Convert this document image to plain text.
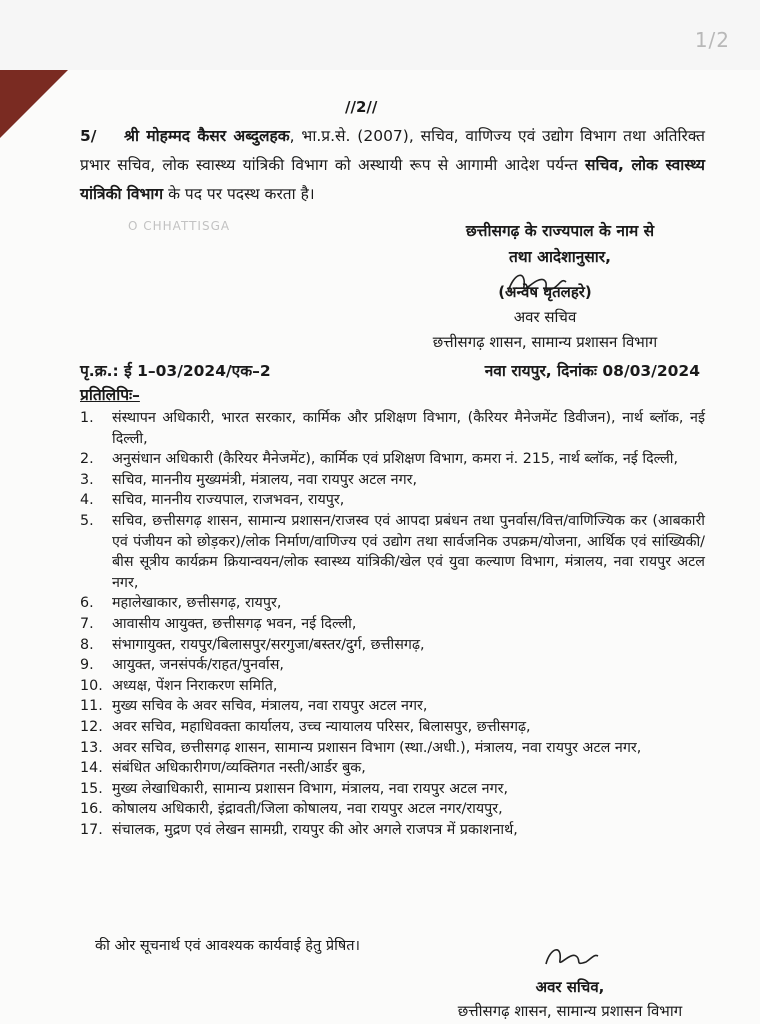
1/2
//2//
5/ श्री मोहम्मद कैसर अब्दुलहक, भा.प्र.से. (2007), सचिव, वाणिज्य एवं उद्योग विभाग तथा अतिरिक्त प्रभार सचिव, लोक स्वास्थ्य यांत्रिकी विभाग को अस्थायी रूप से आगामी आदेश पर्यन्त सचिव, लोक स्वास्थ्य यांत्रिकी विभाग के पद पर पदस्थ करता है।
O CHHATTISGA	छत्तीसगढ़ के राज्यपाल के नाम से
तथा आदेशानुसार,
(अन्वेष घृतलहरे)
अवर सचिव
छत्तीसगढ़ शासन, सामान्य प्रशासन विभाग
पृ.क्र.: ई 1–03/2024/एक–2	नवा रायपुर, दिनांकः 08/03/2024
प्रतिलिपिः–
1. संस्थापन अधिकारी, भारत सरकार, कार्मिक और प्रशिक्षण विभाग, (कैरियर मैनेजमेंट डिवीजन), नार्थ ब्लॉक, नई दिल्ली,
2. अनुसंधान अधिकारी (कैरियर मैनेजमेंट), कार्मिक एवं प्रशिक्षण विभाग, कमरा नं. 215, नार्थ ब्लॉक, नई दिल्ली,
3. सचिव, माननीय मुख्यमंत्री, मंत्रालय, नवा रायपुर अटल नगर,
4. सचिव, माननीय राज्यपाल, राजभवन, रायपुर,
5. सचिव, छत्तीसगढ़ शासन, सामान्य प्रशासन/राजस्व एवं आपदा प्रबंधन तथा पुनर्वास/वित्त/वाणिज्यिक कर (आबकारी एवं पंजीयन को छोड़कर)/लोक निर्माण/वाणिज्य एवं उद्योग तथा सार्वजनिक उपक्रम/योजना, आर्थिक एवं सांख्यिकी/बीस सूत्रीय कार्यक्रम क्रियान्वयन/लोक स्वास्थ्य यांत्रिकी/खेल एवं युवा कल्याण विभाग, मंत्रालय, नवा रायपुर अटल नगर,
6. महालेखाकार, छत्तीसगढ़, रायपुर,
7. आवासीय आयुक्त, छत्तीसगढ़ भवन, नई दिल्ली,
8. संभागायुक्त, रायपुर/बिलासपुर/सरगुजा/बस्तर/दुर्ग, छत्तीसगढ़,
9. आयुक्त, जनसंपर्क/राहत/पुनर्वास,
10. अध्यक्ष, पेंशन निराकरण समिति,
11. मुख्य सचिव के अवर सचिव, मंत्रालय, नवा रायपुर अटल नगर,
12. अवर सचिव, महाधिवक्ता कार्यालय, उच्च न्यायालय परिसर, बिलासपुर, छत्तीसगढ़,
13. अवर सचिव, छत्तीसगढ़ शासन, सामान्य प्रशासन विभाग (स्था./अधी.), मंत्रालय, नवा रायपुर अटल नगर,
14. संबंधित अधिकारीगण/व्यक्तिगत नस्ती/आर्डर बुक,
15. मुख्य लेखाधिकारी, सामान्य प्रशासन विभाग, मंत्रालय, नवा रायपुर अटल नगर,
16. कोषालय अधिकारी, इंद्रावती/जिला कोषालय, नवा रायपुर अटल नगर/रायपुर,
17. संचालक, मुद्रण एवं लेखन सामग्री, रायपुर की ओर अगले राजपत्र में प्रकाशनार्थ,
की ओर सूचनार्थ एवं आवश्यक कार्यवाई हेतु प्रेषित।
अवर सचिव,
छत्तीसगढ़ शासन, सामान्य प्रशासन विभाग
